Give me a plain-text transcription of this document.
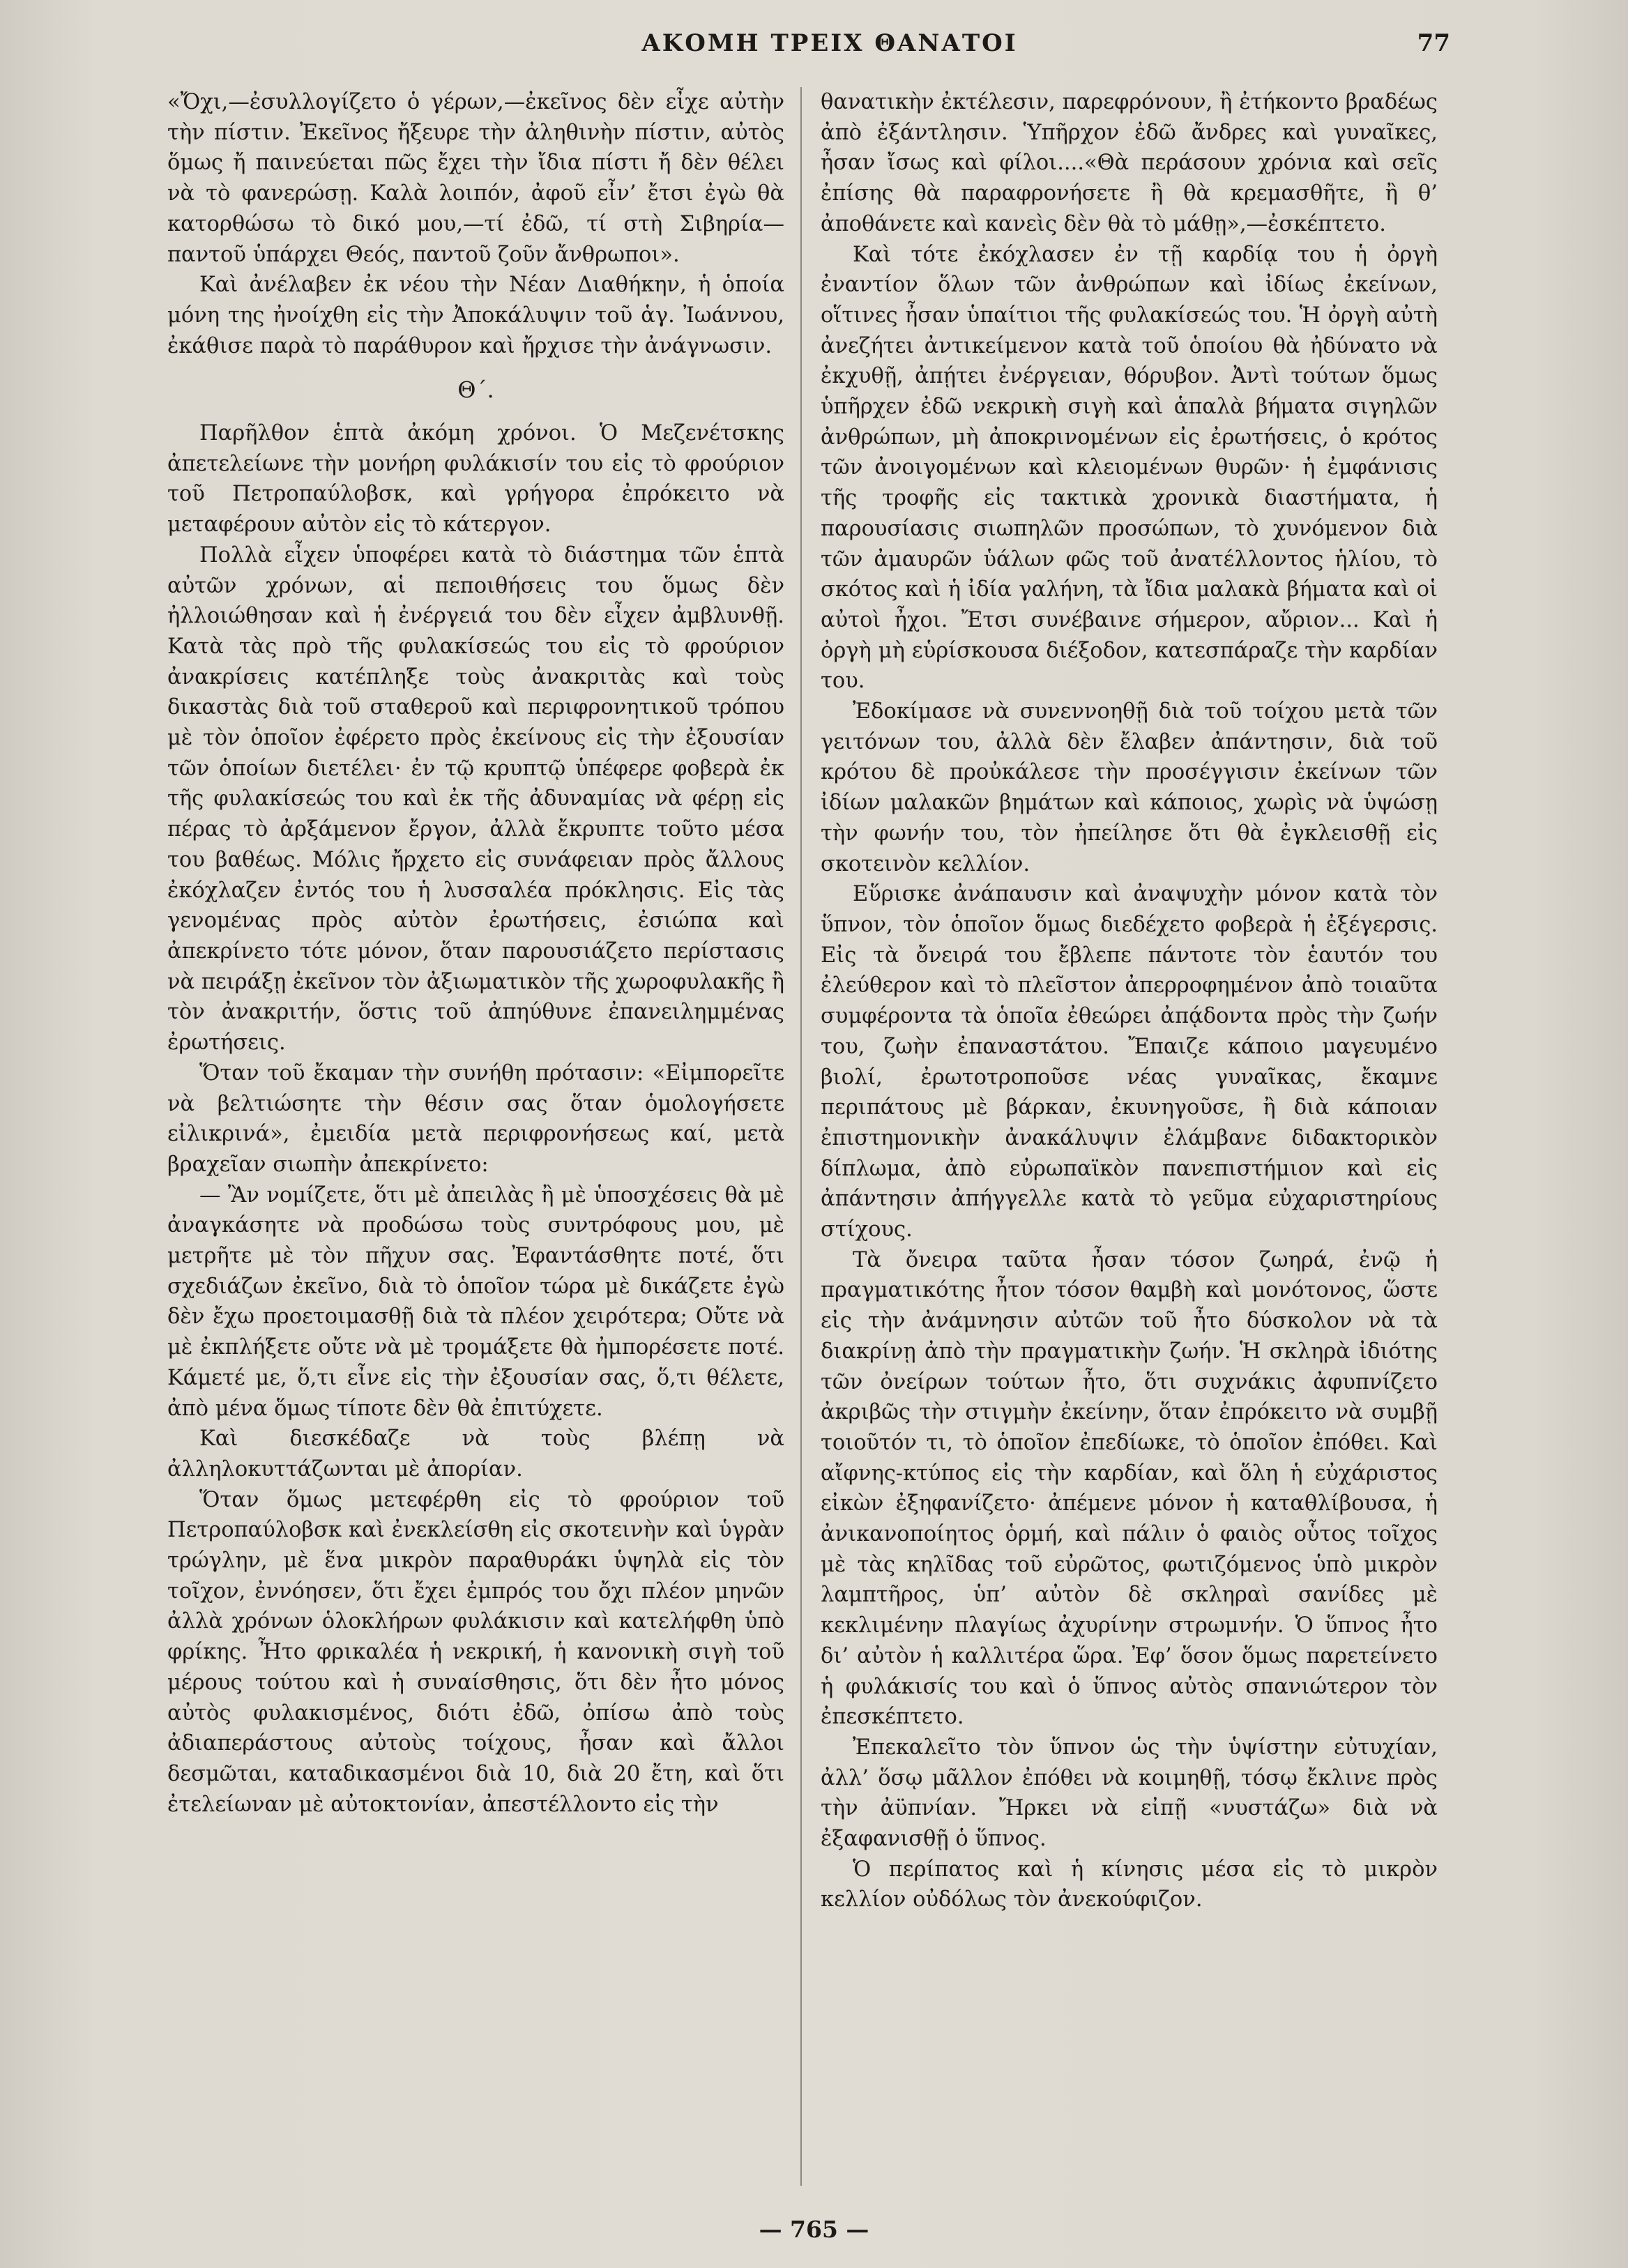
ΑΚΟΜΗ ΤΡΕΙΧ ΘΑΝΑΤΟΙ	77

«Ὄχι,—ἐσυλλογίζετο ὁ γέρων,—ἐκεῖνος δὲν εἶχε αὐτὴν τὴν πίστιν. Ἐκεῖνος ἤξευρε τὴν ἀληθινὴν πίστιν, αὐτὸς ὅμως ἤ παινεύεται πῶς ἔχει τὴν ἴδια πίστι ἤ δὲν θέλει νὰ τὸ φανερώσῃ. Καλὰ λοιπόν, ἀφοῦ εἶν’ ἔτσι ἐγὼ θὰ κατορθώσω τὸ δικό μου,—τί ἐδῶ, τί στὴ Σιβηρία—παντοῦ ὑπάρχει Θεός, παντοῦ ζοῦν ἄνθρωποι».

Καὶ ἀνέλαβεν ἐκ νέου τὴν Νέαν Διαθήκην, ἡ ὁποία μόνη της ἠνοίχθη εἰς τὴν Ἀποκάλυψιν τοῦ ἁγ. Ἰωάννου, ἐκάθισε παρὰ τὸ παράθυρον καὶ ἤρχισε τὴν ἀνάγνωσιν.

Θ΄.

Παρῆλθον ἑπτὰ ἀκόμη χρόνοι. Ὁ Μεζενέτσκης ἀπετελείωνε τὴν μονήρη φυλάκισίν του εἰς τὸ φρούριον τοῦ Πετροπαύλοβσκ, καὶ γρήγορα ἐπρόκειτο νὰ μεταφέρουν αὐτὸν εἰς τὸ κάτεργον.

Πολλὰ εἶχεν ὑποφέρει κατὰ τὸ διάστημα τῶν ἑπτὰ αὐτῶν χρόνων, αἱ πεποιθήσεις του ὅμως δὲν ἠλλοιώθησαν καὶ ἡ ἐνέργειά του δὲν εἶχεν ἀμβλυνθῇ. Κατὰ τὰς πρὸ τῆς φυλακίσεώς του εἰς τὸ φρούριον ἀνακρίσεις κατέπληξε τοὺς ἀνακριτὰς καὶ τοὺς δικαστὰς διὰ τοῦ σταθεροῦ καὶ περιφρονητικοῦ τρόπου μὲ τὸν ὁποῖον ἐφέρετο πρὸς ἐκείνους εἰς τὴν ἐξουσίαν τῶν ὁποίων διετέλει· ἐν τῷ κρυπτῷ ὑπέφερε φοβερὰ ἐκ τῆς φυλακίσεώς του καὶ ἐκ τῆς ἀδυναμίας νὰ φέρῃ εἰς πέρας τὸ ἀρξάμενον ἔργον, ἀλλὰ ἔκρυπτε τοῦτο μέσα του βαθέως. Μόλις ἤρχετο εἰς συνάφειαν πρὸς ἄλλους ἐκόχλαζεν ἐντός του ἡ λυσσαλέα πρόκλησις. Εἰς τὰς γενομένας πρὸς αὐτὸν ἐρωτήσεις, ἐσιώπα καὶ ἀπεκρίνετο τότε μόνον, ὅταν παρουσιάζετο περίστασις νὰ πειράξῃ ἐκεῖνον τὸν ἀξιωματικὸν τῆς χωροφυλακῆς ἢ τὸν ἀνακριτήν, ὅστις τοῦ ἀπηύθυνε ἐπανειλημμένας ἐρωτήσεις.

Ὅταν τοῦ ἔκαμαν τὴν συνήθη πρότασιν: «Εἰμπορεῖτε νὰ βελτιώσητε τὴν θέσιν σας ὅταν ὁμολογήσετε εἰλικρινά», ἐμειδία μετὰ περιφρονήσεως καί, μετὰ βραχεῖαν σιωπὴν ἀπεκρίνετο:

— Ἂν νομίζετε, ὅτι μὲ ἀπειλὰς ἢ μὲ ὑποσχέσεις θὰ μὲ ἀναγκάσητε νὰ προδώσω τοὺς συντρόφους μου, μὲ μετρῆτε μὲ τὸν πῆχυν σας. Ἐφαντάσθητε ποτέ, ὅτι σχεδιάζων ἐκεῖνο, διὰ τὸ ὁποῖον τώρα μὲ δικάζετε ἐγὼ δὲν ἔχω προετοιμασθῇ διὰ τὰ πλέον χειρότερα; Οὔτε νὰ μὲ ἐκπλήξετε οὔτε νὰ μὲ τρομάξετε θὰ ἠμπορέσετε ποτέ. Κάμετέ με, ὅ,τι εἶνε εἰς τὴν ἐξουσίαν σας, ὅ,τι θέλετε, ἀπὸ μένα ὅμως τίποτε δὲν θὰ ἐπιτύχετε.

Καὶ διεσκέδαζε νὰ τοὺς βλέπῃ νὰ ἀλληλοκυττάζωνται μὲ ἀπορίαν.

Ὅταν ὅμως μετεφέρθη εἰς τὸ φρούριον τοῦ Πετροπαύλοβσκ καὶ ἐνεκλείσθη εἰς σκοτεινὴν καὶ ὑγρὰν τρώγλην, μὲ ἕνα μικρὸν παραθυράκι ὑψηλὰ εἰς τὸν τοῖχον, ἐννόησεν, ὅτι ἔχει ἐμπρός του ὄχι πλέον μηνῶν ἀλλὰ χρόνων ὁλοκλήρων φυλάκισιν καὶ κατελήφθη ὑπὸ φρίκης. Ἦτο φρικαλέα ἡ νεκρική, ἡ κανονικὴ σιγὴ τοῦ μέρους τούτου καὶ ἡ συναίσθησις, ὅτι δὲν ἦτο μόνος αὐτὸς φυλακισμένος, διότι ἐδῶ, ὀπίσω ἀπὸ τοὺς ἀδιαπεράστους αὐτοὺς τοίχους, ἦσαν καὶ ἄλλοι δεσμῶται, καταδικασμένοι διὰ 10, διὰ 20 ἔτη, καὶ ὅτι ἐτελείωναν μὲ αὐτοκτονίαν, ἀπεστέλλοντο εἰς τὴν

θανατικὴν ἐκτέλεσιν, παρεφρόνουν, ἢ ἐτήκοντο βραδέως ἀπὸ ἐξάντλησιν. Ὑπῆρχον ἐδῶ ἄνδρες καὶ γυναῖκες, ἦσαν ἴσως καὶ φίλοι....«Θὰ περάσουν χρόνια καὶ σεῖς ἐπίσης θὰ παραφρονήσετε ἢ θὰ κρεμασθῆτε, ἢ θ’ ἀποθάνετε καὶ κανεὶς δὲν θὰ τὸ μάθῃ»,—ἐσκέπτετο.

Καὶ τότε ἐκόχλασεν ἐν τῇ καρδίᾳ του ἡ ὀργὴ ἐναντίον ὅλων τῶν ἀνθρώπων καὶ ἰδίως ἐκείνων, οἵτινες ἦσαν ὑπαίτιοι τῆς φυλακίσεώς του. Ἡ ὀργὴ αὐτὴ ἀνεζήτει ἀντικείμενον κατὰ τοῦ ὁποίου θὰ ἠδύνατο νὰ ἐκχυθῇ, ἀπῄτει ἐνέργειαν, θόρυβον. Ἀντὶ τούτων ὅμως ὑπῆρχεν ἐδῶ νεκρικὴ σιγὴ καὶ ἁπαλὰ βήματα σιγηλῶν ἀνθρώπων, μὴ ἀποκρινομένων εἰς ἐρωτήσεις, ὁ κρότος τῶν ἀνοιγομένων καὶ κλειομένων θυρῶν· ἡ ἐμφάνισις τῆς τροφῆς εἰς τακτικὰ χρονικὰ διαστήματα, ἡ παρουσίασις σιωπηλῶν προσώπων, τὸ χυνόμενον διὰ τῶν ἀμαυρῶν ὑάλων φῶς τοῦ ἀνατέλλοντος ἡλίου, τὸ σκότος καὶ ἡ ἰδία γαλήνη, τὰ ἴδια μαλακὰ βήματα καὶ οἱ αὐτοὶ ἦχοι. Ἔτσι συνέβαινε σήμερον, αὔριον... Καὶ ἡ ὀργὴ μὴ εὑρίσκουσα διέξοδον, κατεσπάραζε τὴν καρδίαν του.

Ἐδοκίμασε νὰ συνεννοηθῇ διὰ τοῦ τοίχου μετὰ τῶν γειτόνων του, ἀλλὰ δὲν ἔλαβεν ἀπάντησιν, διὰ τοῦ κρότου δὲ προὐκάλεσε τὴν προσέγγισιν ἐκείνων τῶν ἰδίων μαλακῶν βημάτων καὶ κάποιος, χωρὶς νὰ ὑψώσῃ τὴν φωνήν του, τὸν ἠπείλησε ὅτι θὰ ἐγκλεισθῇ εἰς σκοτεινὸν κελλίον.

Εὕρισκε ἀνάπαυσιν καὶ ἀναψυχὴν μόνον κατὰ τὸν ὕπνον, τὸν ὁποῖον ὅμως διεδέχετο φοβερὰ ἡ ἐξέγερσις. Εἰς τὰ ὄνειρά του ἔβλεπε πάντοτε τὸν ἑαυτόν του ἐλεύθερον καὶ τὸ πλεῖστον ἀπερροφημένον ἀπὸ τοιαῦτα συμφέροντα τὰ ὁποῖα ἐθεώρει ἀπᾴδοντα πρὸς τὴν ζωήν του, ζωὴν ἐπαναστάτου. Ἔπαιζε κάποιο μαγευμένο βιολί, ἐρωτοτροποῦσε νέας γυναῖκας, ἔκαμνε περιπάτους μὲ βάρκαν, ἐκυνηγοῦσε, ἢ διὰ κάποιαν ἐπιστημονικὴν ἀνακάλυψιν ἐλάμβανε διδακτορικὸν δίπλωμα, ἀπὸ εὐρωπαϊκὸν πανεπιστήμιον καὶ εἰς ἀπάντησιν ἀπήγγελλε κατὰ τὸ γεῦμα εὐχαριστηρίους στίχους.

Τὰ ὄνειρα ταῦτα ἦσαν τόσον ζωηρά, ἐνῷ ἡ πραγματικότης ἦτον τόσον θαμβὴ καὶ μονότονος, ὥστε εἰς τὴν ἀνάμνησιν αὐτῶν τοῦ ἦτο δύσκολον νὰ τὰ διακρίνῃ ἀπὸ τὴν πραγματικὴν ζωήν. Ἡ σκληρὰ ἰδιότης τῶν ὀνείρων τούτων ἦτο, ὅτι συχνάκις ἀφυπνίζετο ἀκριβῶς τὴν στιγμὴν ἐκείνην, ὅταν ἐπρόκειτο νὰ συμβῇ τοιοῦτόν τι, τὸ ὁποῖον ἐπεδίωκε, τὸ ὁποῖον ἐπόθει. Καὶ αἴφνης-κτύπος εἰς τὴν καρδίαν, καὶ ὅλη ἡ εὐχάριστος εἰκὼν ἐξηφανίζετο· ἀπέμενε μόνον ἡ καταθλίβουσα, ἡ ἀνικανοποίητος ὁρμή, καὶ πάλιν ὁ φαιὸς οὗτος τοῖχος μὲ τὰς κηλῖδας τοῦ εὐρῶτος, φωτιζόμενος ὑπὸ μικρὸν λαμπτῆρος, ὑπ’ αὐτὸν δὲ σκληραὶ σανίδες μὲ κεκλιμένην πλαγίως ἀχυρίνην στρωμνήν. Ὁ ὕπνος ἦτο δι’ αὐτὸν ἡ καλλιτέρα ὥρα. Ἐφ’ ὅσον ὅμως παρετείνετο ἡ φυλάκισίς του καὶ ὁ ὕπνος αὐτὸς σπανιώτερον τὸν ἐπεσκέπτετο.

Ἐπεκαλεῖτο τὸν ὕπνον ὡς τὴν ὑψίστην εὐτυχίαν, ἀλλ’ ὅσῳ μᾶλλον ἐπόθει νὰ κοιμηθῇ, τόσῳ ἔκλινε πρὸς τὴν ἀϋπνίαν. Ἤρκει νὰ εἰπῇ «νυστάζω» διὰ νὰ ἐξαφανισθῇ ὁ ὕπνος.

Ὁ περίπατος καὶ ἡ κίνησις μέσα εἰς τὸ μικρὸν κελλίον οὐδόλως τὸν ἀνεκούφιζον.

— 765 —
